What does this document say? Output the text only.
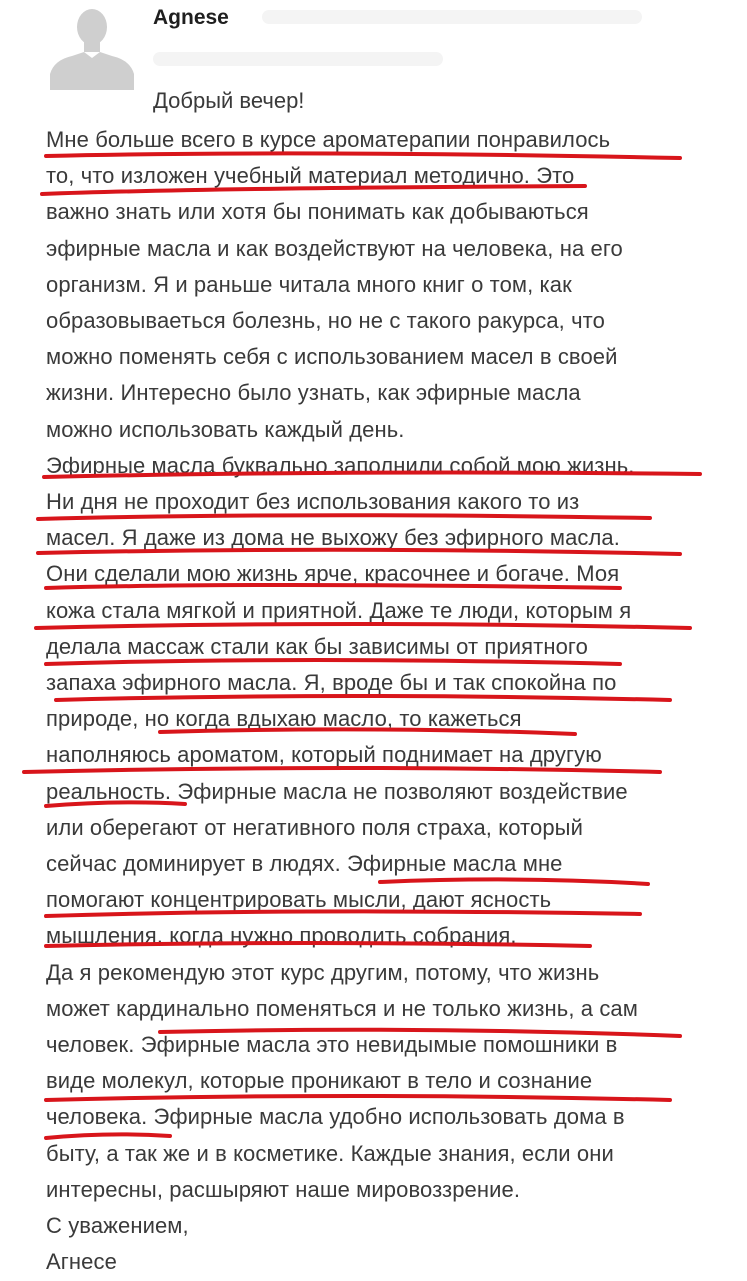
Agnese
Добрый вечер!

Мне больше всего в курсе ароматерапии понравилось

то, что изложен учебный материал методично. Это

важно знать или хотя бы понимать как добываються

эфирные масла и как воздействуют на человека, на его

организм. Я и раньше читала много книг о том, как

образовываеться болезнь, но не с такого ракурса, что

можно поменять себя с использованием масел в своей

жизни. Интересно было узнать, как эфирные масла

можно использовать каждый день.

Эфирные масла буквально заполнили собой мою жизнь.

Ни дня не проходит без использования какого то из

масел. Я даже из дома не выхожу без эфирного масла.

Они сделали мою жизнь ярче, красочнее и богаче. Моя

кожа стала мягкой и приятной. Даже те люди, которым я

делала массаж стали как бы зависимы от приятного

запаха эфирного масла. Я, вроде бы и так спокойна по

природе, но когда вдыхаю масло, то кажеться

наполняюсь ароматом, который поднимает на другую

реальность. Эфирные масла не позволяют воздействие

или оберегают от негативного поля страха, который

сейчас доминирует в людях. Эфирные масла мне

помогают концентрировать мысли, дают ясность

мышления, когда нужно проводить собрания.

Да я рекомендую этот курс другим, потому, что жизнь

может кардинально поменяться и не только жизнь, а сам

человек. Эфирные масла это невидымые помошники в

виде молекул, которые проникают в тело и сознание

человека. Эфирные масла удобно использовать дома в

быту, а так же и в косметике. Каждые знания, если они

интересны, расшыряют наше мировоззрение.

С уважением,

Агнесе
